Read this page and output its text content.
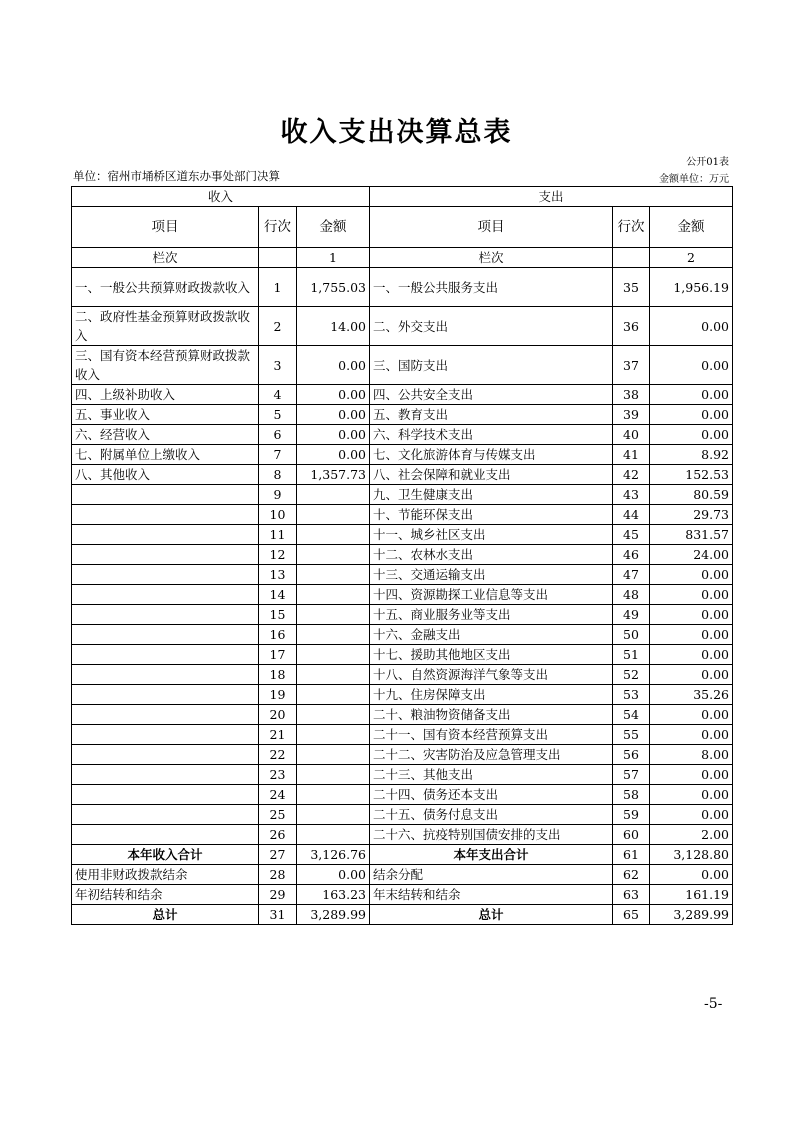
收入支出决算总表
公开01表
单位：宿州市埇桥区道东办事处部门决算	金额单位：万元
收入			支出		
项目	行次	金额	项目	行次	金额
栏次		1	栏次		2
一、一般公共预算财政拨款收入	1	1,755.03	一、一般公共服务支出	35	1,956.19
二、政府性基金预算财政拨款收入	2	14.00	二、外交支出	36	0.00
三、国有资本经营预算财政拨款收入	3	0.00	三、国防支出	37	0.00
四、上级补助收入	4	0.00	四、公共安全支出	38	0.00
五、事业收入	5	0.00	五、教育支出	39	0.00
六、经营收入	6	0.00	六、科学技术支出	40	0.00
七、附属单位上缴收入	7	0.00	七、文化旅游体育与传媒支出	41	8.92
八、其他收入	8	1,357.73	八、社会保障和就业支出	42	152.53
	9		九、卫生健康支出	43	80.59
	10		十、节能环保支出	44	29.73
	11		十一、城乡社区支出	45	831.57
	12		十二、农林水支出	46	24.00
	13		十三、交通运输支出	47	0.00
	14		十四、资源勘探工业信息等支出	48	0.00
	15		十五、商业服务业等支出	49	0.00
	16		十六、金融支出	50	0.00
	17		十七、援助其他地区支出	51	0.00
	18		十八、自然资源海洋气象等支出	52	0.00
	19		十九、住房保障支出	53	35.26
	20		二十、粮油物资储备支出	54	0.00
	21		二十一、国有资本经营预算支出	55	0.00
	22		二十二、灾害防治及应急管理支出	56	8.00
	23		二十三、其他支出	57	0.00
	24		二十四、债务还本支出	58	0.00
	25		二十五、债务付息支出	59	0.00
	26		二十六、抗疫特别国债安排的支出	60	2.00
本年收入合计	27	3,126.76	本年支出合计	61	3,128.80
使用非财政拨款结余	28	0.00	结余分配	62	0.00
年初结转和结余	29	163.23	年末结转和结余	63	161.19
总计	31	3,289.99	总计	65	3,289.99
-5-
